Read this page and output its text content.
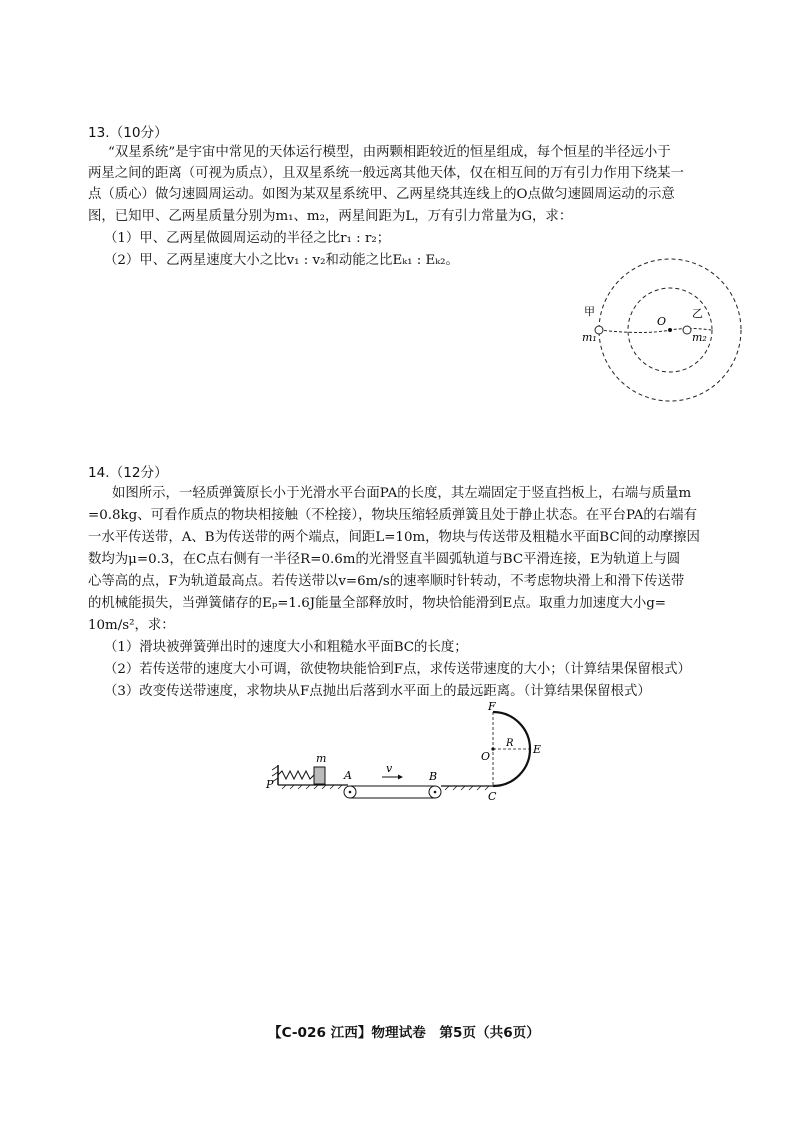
13.（10分）
“双星系统”是宇宙中常见的天体运行模型，由两颗相距较近的恒星组成，每个恒星的半径远小于
两星之间的距离（可视为质点），且双星系统一般远离其他天体，仅在相互间的万有引力作用下绕某一
点（质心）做匀速圆周运动。如图为某双星系统甲、乙两星绕其连线上的O点做匀速圆周运动的示意
图，已知甲、乙两星质量分别为m₁、m₂，两星间距为L，万有引力常量为G，求：
（1）甲、乙两星做圆周运动的半径之比r₁ : r₂；
（2）甲、乙两星速度大小之比v₁ : v₂和动能之比Eₖ₁ : Eₖ₂。
甲
m₁
乙
m₂
O
14.（12分）
如图所示，一轻质弹簧原长小于光滑水平台面PA的长度，其左端固定于竖直挡板上，右端与质量m
=0.8kg、可看作质点的物块相接触（不栓接），物块压缩轻质弹簧且处于静止状态。在平台PA的右端有
一水平传送带，A、B为传送带的两个端点，间距L=10m，物块与传送带及粗糙水平面BC间的动摩擦因
数均为μ=0.3，在C点右侧有一半径R=0.6m的光滑竖直半圆弧轨道与BC平滑连接，E为轨道上与圆
心等高的点，F为轨道最高点。若传送带以v=6m/s的速率顺时针转动，不考虑物块滑上和滑下传送带
的机械能损失，当弹簧储存的Eₚ=1.6J能量全部释放时，物块恰能滑到E点。取重力加速度大小g=
10m/s²，求：
（1）滑块被弹簧弹出时的速度大小和粗糙水平面BC的长度；
（2）若传送带的速度大小可调，欲使物块能恰到F点，求传送带速度的大小；（计算结果保留根式）
（3）改变传送带速度，求物块从F点抛出后落到水平面上的最远距离。（计算结果保留根式）
P
m
A	B
v
C
O
R E
F
【C-026 江西】物理试卷　第5页（共6页）
